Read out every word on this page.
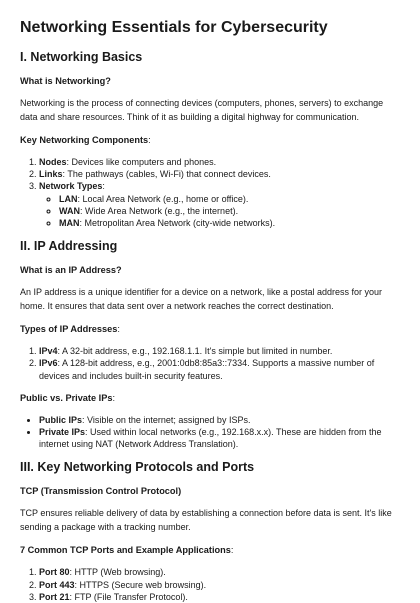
Networking Essentials for Cybersecurity
I. Networking Basics
What is Networking?

Networking is the process of connecting devices (computers, phones, servers) to exchange data and share resources. Think of it as building a digital highway for communication.

Key Networking Components:
1. Nodes: Devices like computers and phones.
2. Links: The pathways (cables, Wi-Fi) that connect devices.
3. Network Types:
◦ LAN: Local Area Network (e.g., home or office).
◦ WAN: Wide Area Network (e.g., the internet).
◦ MAN: Metropolitan Area Network (city-wide networks).
II. IP Addressing
What is an IP Address?

An IP address is a unique identifier for a device on a network, like a postal address for your home. It ensures that data sent over a network reaches the correct destination.

Types of IP Addresses:
1. IPv4: A 32-bit address, e.g., 192.168.1.1. It's simple but limited in number.
2. IPv6: A 128-bit address, e.g., 2001:0db8:85a3::7334. Supports a massive number of devices and includes built-in security features.
Public vs. Private IPs:
• Public IPs: Visible on the internet; assigned by ISPs.
• Private IPs: Used within local networks (e.g., 192.168.x.x). These are hidden from the internet using NAT (Network Address Translation).
III. Key Networking Protocols and Ports
TCP (Transmission Control Protocol)

TCP ensures reliable delivery of data by establishing a connection before data is sent. It's like sending a package with a tracking number.

7 Common TCP Ports and Example Applications:
1. Port 80: HTTP (Web browsing).
2. Port 443: HTTPS (Secure web browsing).
3. Port 21: FTP (File Transfer Protocol).
